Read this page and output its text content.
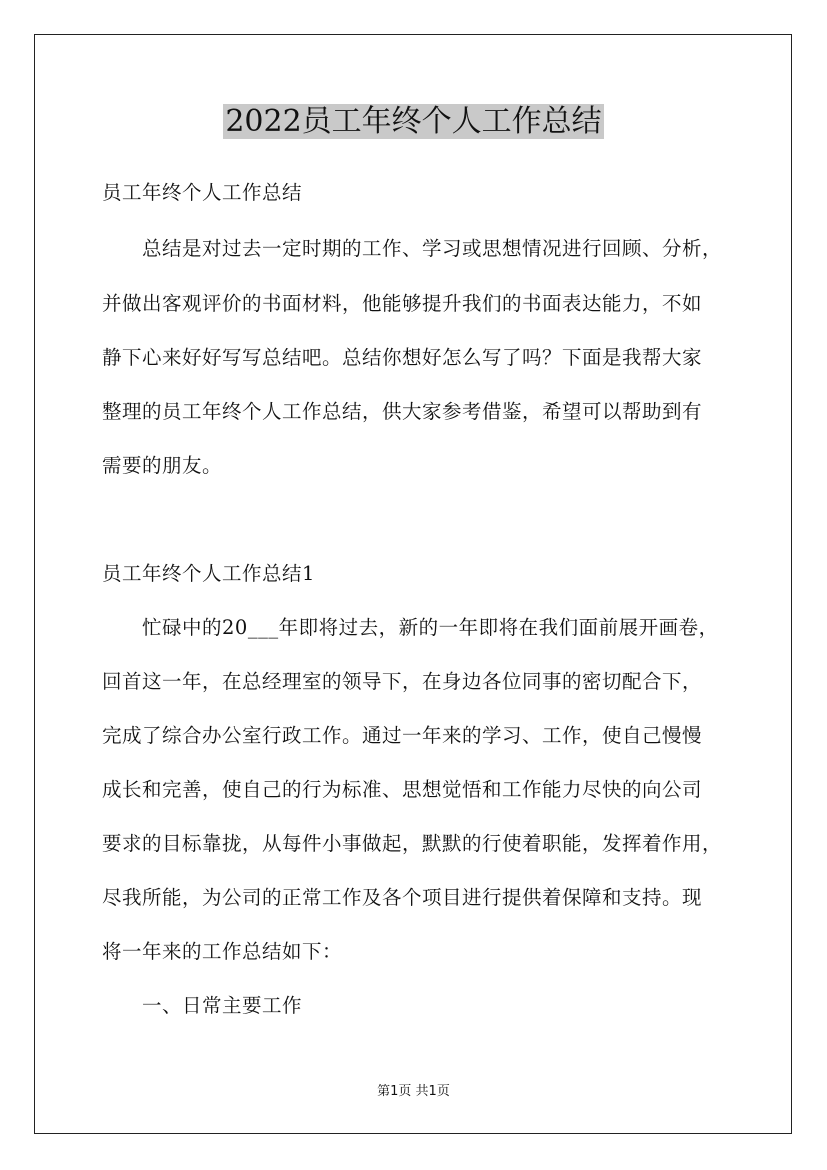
2022员工年终个人工作总结

员工年终个人工作总结

总结是对过去一定时期的工作、学习或思想情况进行回顾、分析，

并做出客观评价的书面材料，他能够提升我们的书面表达能力，不如

静下心来好好写写总结吧。总结你想好怎么写了吗？下面是我帮大家

整理的员工年终个人工作总结，供大家参考借鉴，希望可以帮助到有

需要的朋友。

员工年终个人工作总结1

忙碌中的20___年即将过去，新的一年即将在我们面前展开画卷，

回首这一年，在总经理室的领导下，在身边各位同事的密切配合下，

完成了综合办公室行政工作。通过一年来的学习、工作，使自己慢慢

成长和完善，使自己的行为标准、思想觉悟和工作能力尽快的向公司

要求的目标靠拢，从每件小事做起，默默的行使着职能，发挥着作用，

尽我所能，为公司的正常工作及各个项目进行提供着保障和支持。现

将一年来的工作总结如下：

一、日常主要工作

第1页 共1页
